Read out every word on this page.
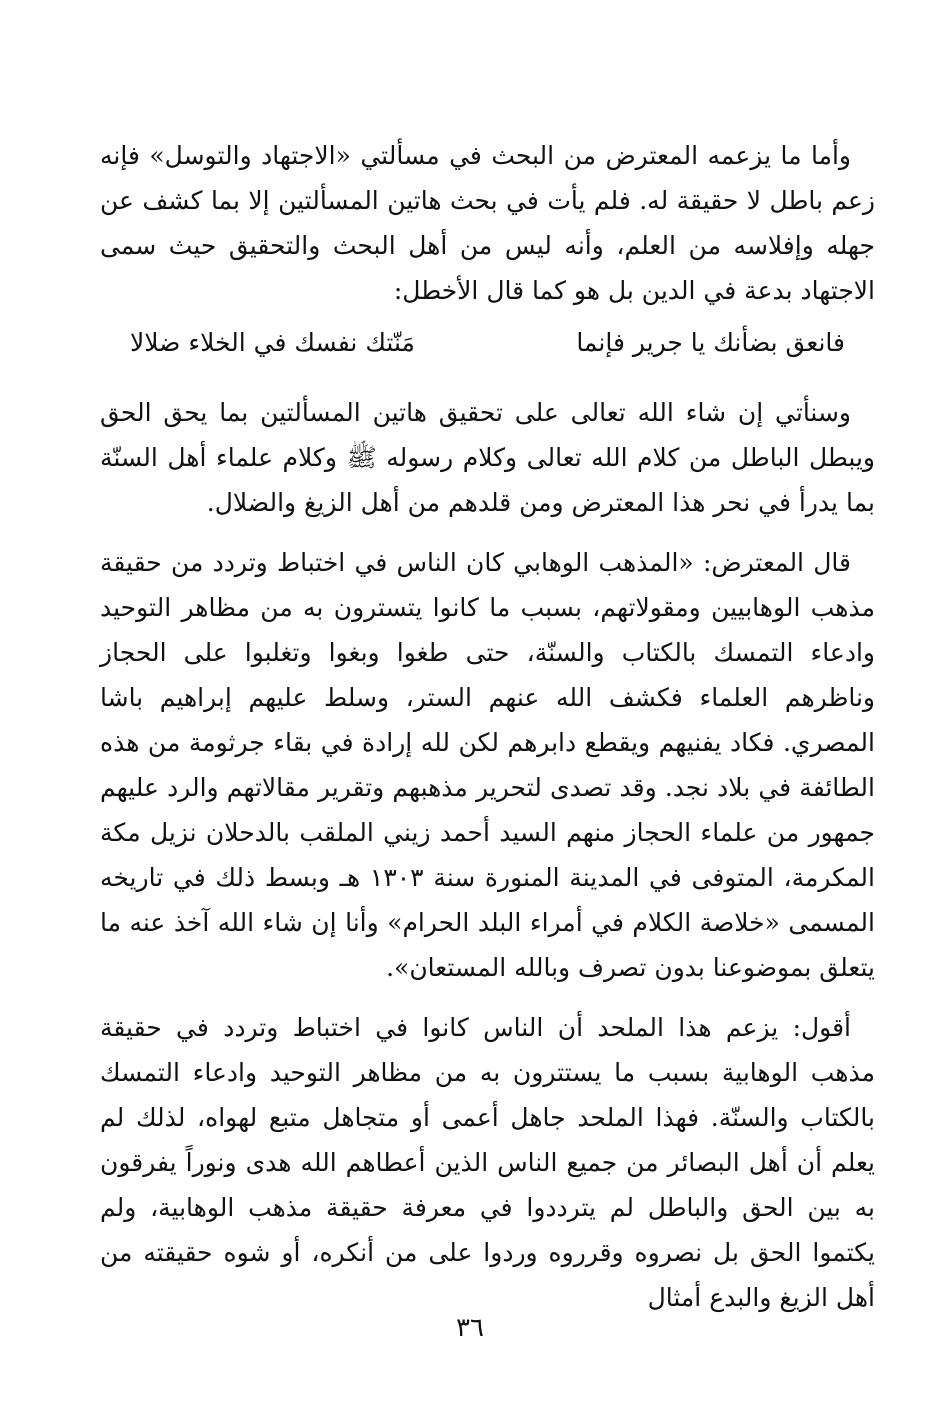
وأما ما يزعمه المعترض من البحث في مسألتي «الاجتهاد والتوسل» فإنه زعم باطل لا حقيقة له. فلم يأت في بحث هاتين المسألتين إلا بما كشف عن جهله وإفلاسه من العلم، وأنه ليس من أهل البحث والتحقيق حيث سمى الاجتهاد بدعة في الدين بل هو كما قال الأخطل:

فانعق بضأنك يا جرير فإنما
مَنّتك نفسك في الخلاء ضلالا

وسنأتي إن شاء الله تعالى على تحقيق هاتين المسألتين بما يحق الحق ويبطل الباطل من كلام الله تعالى وكلام رسوله ﷺ وكلام علماء أهل السنّة بما يدرأ في نحر هذا المعترض ومن قلدهم من أهل الزيغ والضلال.

قال المعترض: «المذهب الوهابي كان الناس في اختباط وتردد من حقيقة مذهب الوهابيين ومقولاتهم، بسبب ما كانوا يتسترون به من مظاهر التوحيد وادعاء التمسك بالكتاب والسنّة، حتى طغوا وبغوا وتغلبوا على الحجاز وناظرهم العلماء فكشف الله عنهم الستر، وسلط عليهم إبراهيم باشا المصري. فكاد يفنيهم ويقطع دابرهم لكن لله إرادة في بقاء جرثومة من هذه الطائفة في بلاد نجد. وقد تصدى لتحرير مذهبهم وتقرير مقالاتهم والرد عليهم جمهور من علماء الحجاز منهم السيد أحمد زيني الملقب بالدحلان نزيل مكة المكرمة، المتوفى في المدينة المنورة سنة ١٣٠٣ هـ وبسط ذلك في تاريخه المسمى «خلاصة الكلام في أمراء البلد الحرام» وأنا إن شاء الله آخذ عنه ما يتعلق بموضوعنا بدون تصرف وبالله المستعان».

أقول: يزعم هذا الملحد أن الناس كانوا في اختباط وتردد في حقيقة مذهب الوهابية بسبب ما يستترون به من مظاهر التوحيد وادعاء التمسك بالكتاب والسنّة. فهذا الملحد جاهل أعمى أو متجاهل متبع لهواه، لذلك لم يعلم أن أهل البصائر من جميع الناس الذين أعطاهم الله هدى ونوراً يفرقون به بين الحق والباطل لم يترددوا في معرفة حقيقة مذهب الوهابية، ولم يكتموا الحق بل نصروه وقرروه وردوا على من أنكره، أو شوه حقيقته من أهل الزيغ والبدع أمثال

٣٦
